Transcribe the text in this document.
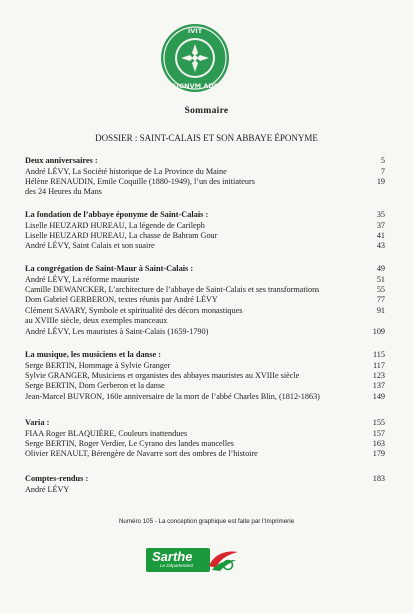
IVIT
SIGNVM ADE
Sommaire
DOSSIER : SAINT-CALAIS ET SON ABBAYE ÉPONYME
Deux anniversaires :	5
André LÉVY, La Société historique de La Province du Maine	7
Hélène RENAUDIN, Emile Coquille (1880-1949), l’un des initiateurs	19
des 24 Heures du Mans
La fondation de l’abbaye éponyme de Saint-Calais :	35
Liselle HEUZARD HUREAU, La légende de Carileph	37
Liselle HEUZARD HUREAU, La chasse de Bahram Gour	41
André LÉVY, Saint Calais et son suaire	43
La congrégation de Saint-Maur à Saint-Calais :	49
André LÉVY, La réforme mauriste	51
Camille DEWANCKER, L’architecture de l’abbaye de Saint-Calais et ses transformations	55
Dom Gabriel GERBERON, textes réunis par André LÉVY	77
Clément SAVARY, Symbole et spiritualité des décors monastiques	91
au XVIIIe siècle, deux exemples manceaux
André LÉVY, Les mauristes à Saint-Calais (1659-1790)	109
La musique, les musiciens et la danse :	115
Serge BERTIN, Hommage à Sylvie Granger	117
Sylvie GRANGER, Musiciens et organistes des abbayes mauristes au XVIIIe siècle	123
Serge BERTIN, Dom Gerberon et la danse	137
Jean-Marcel BUVRON, 160e anniversaire de la mort de l’abbé Charles Blin, (1812-1863)	149
Varia :	155
FIAA Roger BLAQUIÈRE, Couleurs inattendues	157
Serge BERTIN, Roger Verdier, Le Cyrano des landes mancelles	163
Olivier RENAULT, Bérengère de Navarre sort des ombres de l’histoire	179
Comptes-rendus :	183
André LÉVY
Numéro 105 - La conception graphique est faite par l’Imprimerie
Sarthe
Le Département
